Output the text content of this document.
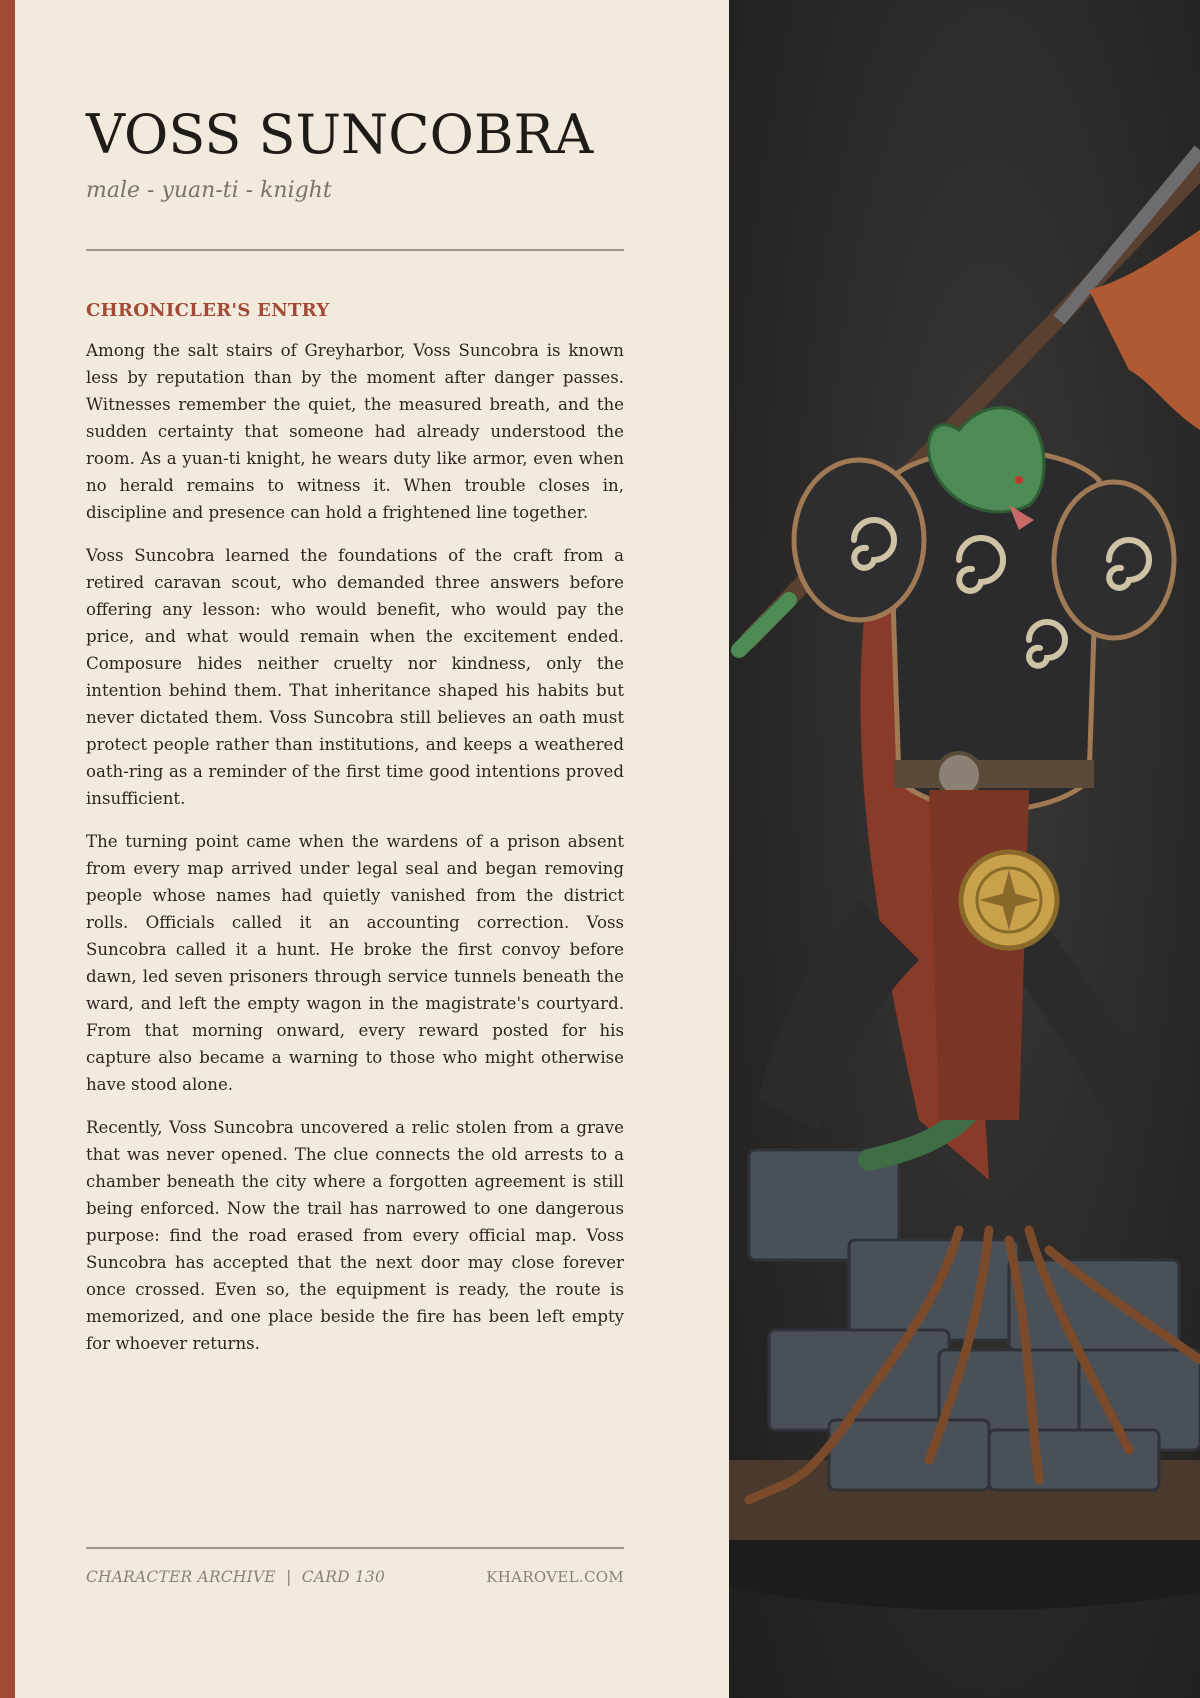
VOSS SUNCOBRA
male - yuan-ti - knight
CHRONICLER'S ENTRY

Among the salt stairs of Greyharbor, Voss Suncobra is known less by reputation than by the moment after danger passes. Witnesses remember the quiet, the measured breath, and the sudden certainty that someone had already understood the room. As a yuan-ti knight, he wears duty like armor, even when no herald remains to witness it. When trouble closes in, discipline and presence can hold a frightened line together.

Voss Suncobra learned the foundations of the craft from a retired caravan scout, who demanded three answers before offering any lesson: who would benefit, who would pay the price, and what would remain when the excitement ended. Composure hides neither cruelty nor kindness, only the intention behind them. That inheritance shaped his habits but never dictated them. Voss Suncobra still believes an oath must protect people rather than institutions, and keeps a weathered oath-ring as a reminder of the first time good intentions proved insufficient.

The turning point came when the wardens of a prison absent from every map arrived under legal seal and began removing people whose names had quietly vanished from the district rolls. Officials called it an accounting correction. Voss Suncobra called it a hunt. He broke the first convoy before dawn, led seven prisoners through service tunnels beneath the ward, and left the empty wagon in the magistrate's courtyard. From that morning onward, every reward posted for his capture also became a warning to those who might otherwise have stood alone.

Recently, Voss Suncobra uncovered a relic stolen from a grave that was never opened. The clue connects the old arrests to a chamber beneath the city where a forgotten agreement is still being enforced. Now the trail has narrowed to one dangerous purpose: find the road erased from every official map. Voss Suncobra has accepted that the next door may close forever once crossed. Even so, the equipment is ready, the route is memorized, and one place beside the fire has been left empty for whoever returns.

CHARACTER ARCHIVE  |  CARD 130	KHAROVEL.COM
